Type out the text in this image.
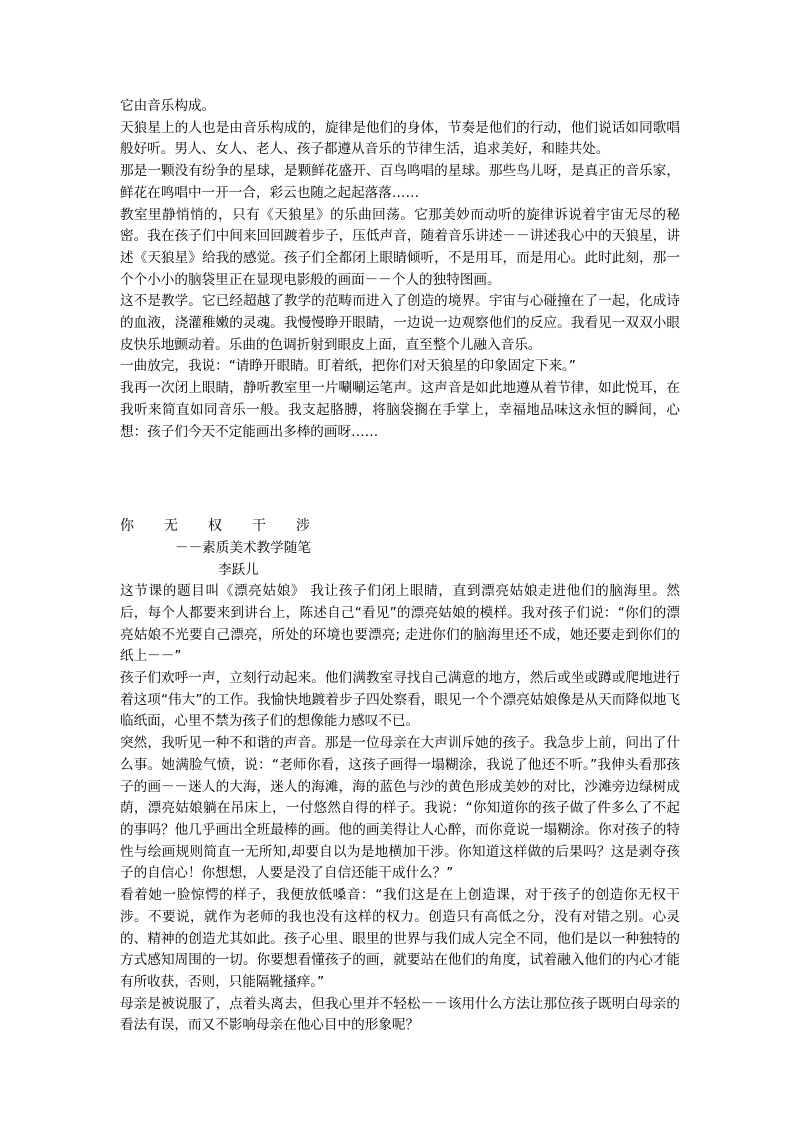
它由音乐构成。

天狼星上的人也是由音乐构成的，旋律是他们的身体，节奏是他们的行动，他们说话如同歌唱般好听。男人、女人、老人、孩子都遵从音乐的节律生活，追求美好，和睦共处。

那是一颗没有纷争的星球，是颗鲜花盛开、百鸟鸣唱的星球。那些鸟儿呀，是真正的音乐家，鲜花在鸣唱中一开一合，彩云也随之起起落落……

教室里静悄悄的，只有《天狼星》的乐曲回荡。它那美妙而动听的旋律诉说着宇宙无尽的秘密。我在孩子们中间来回回踱着步子，压低声音，随着音乐讲述－－讲述我心中的天狼星，讲述《天狼星》给我的感觉。孩子们全都闭上眼睛倾听，不是用耳，而是用心。此时此刻，那一个个小小的脑袋里正在显现电影般的画面－－个人的独特图画。

这不是教学。它已经超越了教学的范畴而进入了创造的境界。宇宙与心碰撞在了一起，化成诗的血液，浇灌稚嫩的灵魂。我慢慢睁开眼睛，一边说一边观察他们的反应。我看见一双双小眼皮快乐地颤动着。乐曲的色调折射到眼皮上面，直至整个儿融入音乐。

一曲放完，我说：“请睁开眼睛。盯着纸，把你们对天狼星的印象固定下来。”

我再一次闭上眼睛，静听教室里一片唰唰运笔声。这声音是如此地遵从着节律，如此悦耳，在我听来简直如同音乐一般。我支起胳膊，将脑袋搁在手掌上，幸福地品味这永恒的瞬间，心想：孩子们今天不定能画出多棒的画呀……

你无权干涉

－－素质美术教学随笔

李跃儿

这节课的题目叫《漂亮姑娘》 我让孩子们闭上眼睛，直到漂亮姑娘走进他们的脑海里。然后，每个人都要来到讲台上，陈述自己“看见”的漂亮姑娘的模样。我对孩子们说：“你们的漂亮姑娘不光要自己漂亮，所处的环境也要漂亮; 走进你们的脑海里还不成，她还要走到你们的纸上－－”

孩子们欢呼一声，立刻行动起来。他们满教室寻找自己满意的地方，然后或坐或蹲或爬地进行着这项“伟大”的工作。我愉快地踱着步子四处察看，眼见一个个漂亮姑娘像是从天而降似地飞临纸面，心里不禁为孩子们的想像能力感叹不已。

突然，我听见一种不和谐的声音。那是一位母亲在大声训斥她的孩子。我急步上前，问出了什么事。她满脸气愤，说：“老师你看，这孩子画得一塌糊涂，我说了他还不听。”我伸头看那孩子的画－－迷人的大海，迷人的海滩，海的蓝色与沙的黄色形成美妙的对比，沙滩旁边绿树成荫，漂亮姑娘躺在吊床上，一付悠然自得的样子。我说：“你知道你的孩子做了件多么了不起的事吗？他几乎画出全班最棒的画。他的画美得让人心醉，而你竟说一塌糊涂。你对孩子的特性与绘画规则简直一无所知,却要自以为是地横加干涉。你知道这样做的后果吗？这是剥夺孩子的自信心！你想想，人要是没了自信还能干成什么？”

看着她一脸惊愕的样子，我便放低嗓音：“我们这是在上创造课，对于孩子的创造你无权干涉。不要说，就作为老师的我也没有这样的权力。创造只有高低之分，没有对错之别。心灵的、精神的创造尤其如此。孩子心里、眼里的世界与我们成人完全不同，他们是以一种独特的方式感知周围的一切。你要想看懂孩子的画，就要站在他们的角度，试着融入他们的内心才能有所收获，否则，只能隔靴搔痒。”

母亲是被说服了，点着头离去，但我心里并不轻松－－该用什么方法让那位孩子既明白母亲的看法有误，而又不影响母亲在他心目中的形象呢？
